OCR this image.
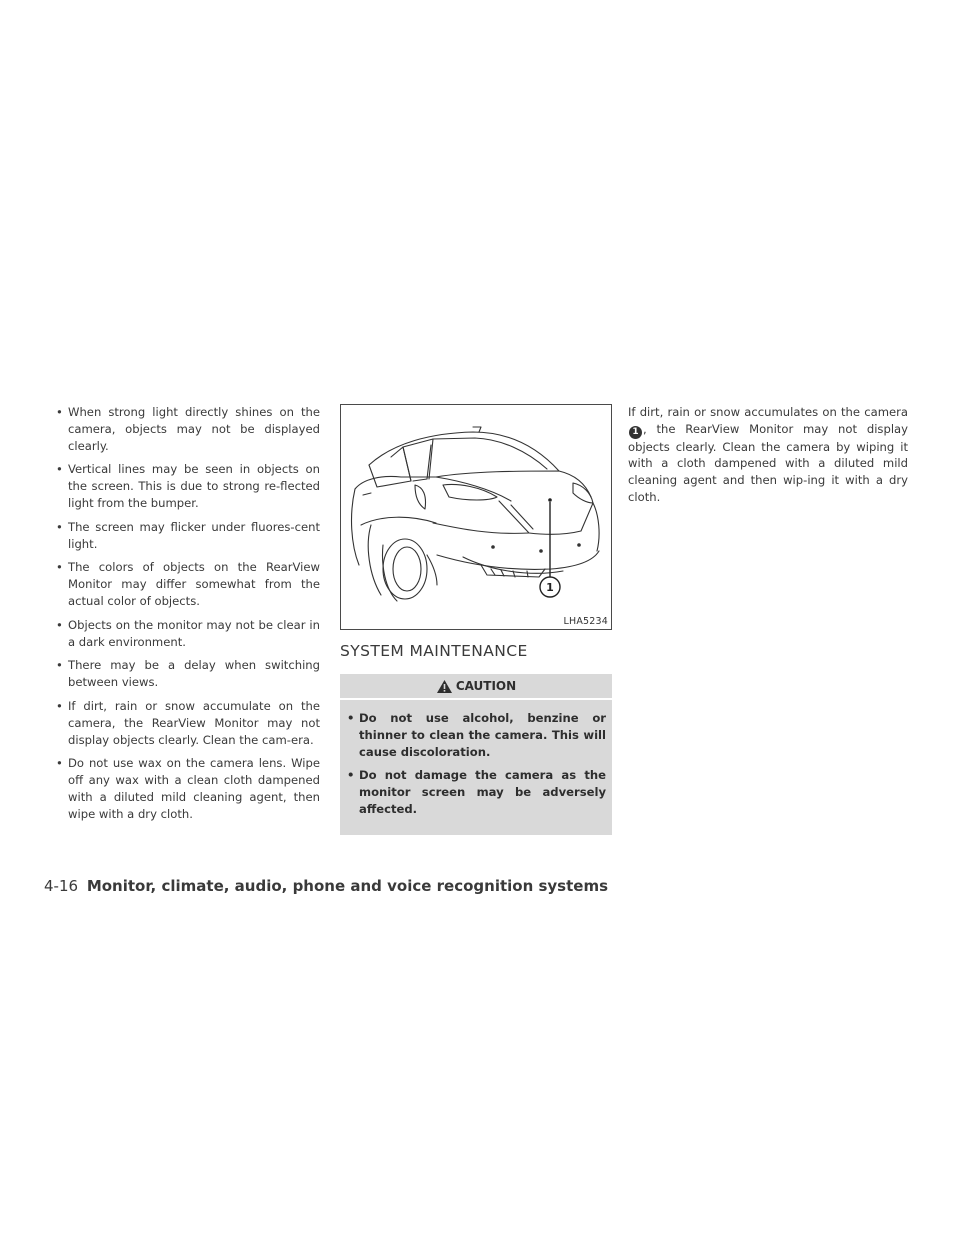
• When strong light directly shines on the camera, objects may not be displayed clearly.
• Vertical lines may be seen in objects on the screen. This is due to strong re-flected light from the bumper.
• The screen may flicker under fluores-cent light.
• The colors of objects on the RearView Monitor may differ somewhat from the actual color of objects.
• Objects on the monitor may not be clear in a dark environment.
• There may be a delay when switching between views.
• If dirt, rain or snow accumulate on the camera, the RearView Monitor may not display objects clearly. Clean the cam-era.
• Do not use wax on the camera lens. Wipe off any wax with a clean cloth dampened with a diluted mild cleaning agent, then wipe with a dry cloth.
1
LHA5234
SYSTEM MAINTENANCE
CAUTION
• Do not use alcohol, benzine or thinner to clean the camera. This will cause discoloration.
• Do not damage the camera as the monitor screen may be adversely affected.

If dirt, rain or snow accumulates on the camera1 , the RearView Monitor may not display objects clearly. Clean the camera by wiping it with a cloth dampened with a diluted mild cleaning agent and then wip-ing it with a dry cloth.

4-16 Monitor, climate, audio, phone and voice recognition systems
